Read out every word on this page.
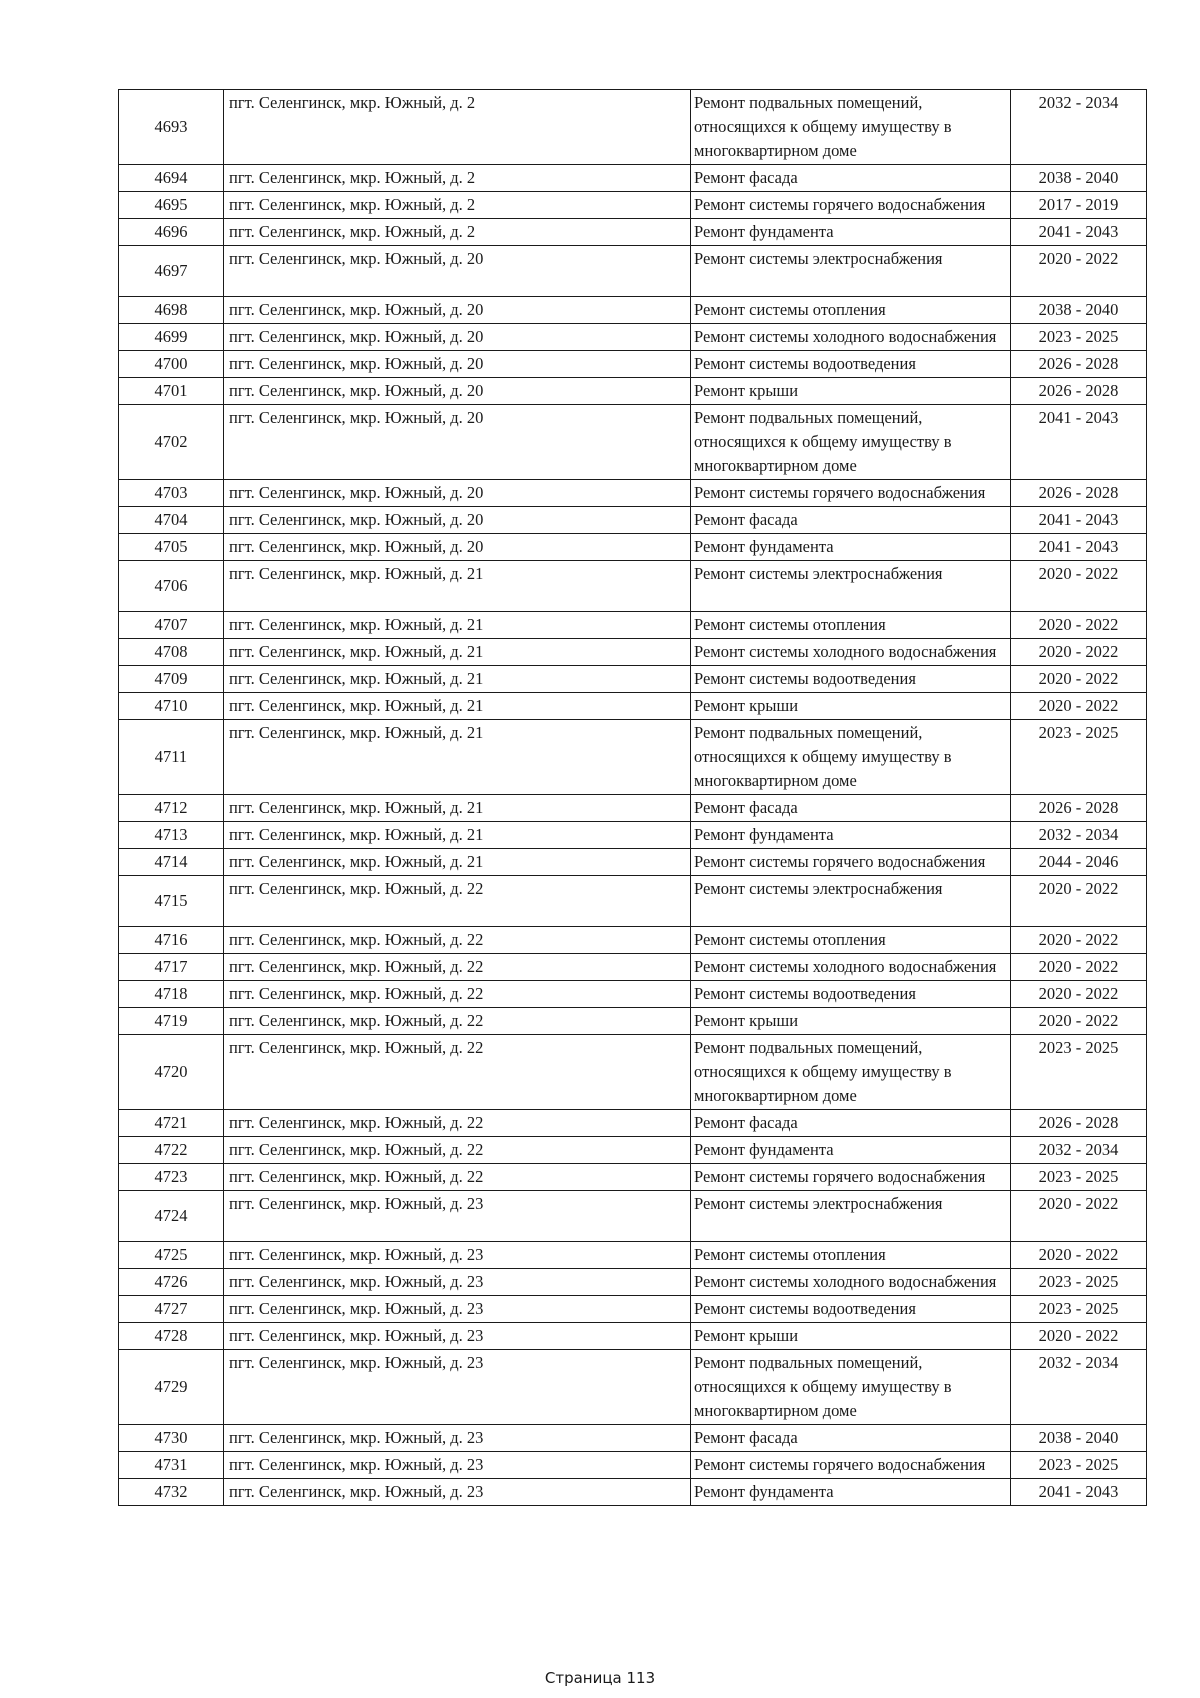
4693	пгт. Селенгинск, мкр. Южный, д. 2	Ремонт подвальных помещений, относящихся к общему имуществу в многоквартирном доме	2032 - 2034
4694	пгт. Селенгинск, мкр. Южный, д. 2	Ремонт фасада	2038 - 2040
4695	пгт. Селенгинск, мкр. Южный, д. 2	Ремонт системы горячего водоснабжения	2017 - 2019
4696	пгт. Селенгинск, мкр. Южный, д. 2	Ремонт фундамента	2041 - 2043
4697	пгт. Селенгинск, мкр. Южный, д. 20	Ремонт системы электроснабжения	2020 - 2022
4698	пгт. Селенгинск, мкр. Южный, д. 20	Ремонт системы отопления	2038 - 2040
4699	пгт. Селенгинск, мкр. Южный, д. 20	Ремонт системы холодного водоснабжения	2023 - 2025
4700	пгт. Селенгинск, мкр. Южный, д. 20	Ремонт системы водоотведения	2026 - 2028
4701	пгт. Селенгинск, мкр. Южный, д. 20	Ремонт крыши	2026 - 2028
4702	пгт. Селенгинск, мкр. Южный, д. 20	Ремонт подвальных помещений, относящихся к общему имуществу в многоквартирном доме	2041 - 2043
4703	пгт. Селенгинск, мкр. Южный, д. 20	Ремонт системы горячего водоснабжения	2026 - 2028
4704	пгт. Селенгинск, мкр. Южный, д. 20	Ремонт фасада	2041 - 2043
4705	пгт. Селенгинск, мкр. Южный, д. 20	Ремонт фундамента	2041 - 2043
4706	пгт. Селенгинск, мкр. Южный, д. 21	Ремонт системы электроснабжения	2020 - 2022
4707	пгт. Селенгинск, мкр. Южный, д. 21	Ремонт системы отопления	2020 - 2022
4708	пгт. Селенгинск, мкр. Южный, д. 21	Ремонт системы холодного водоснабжения	2020 - 2022
4709	пгт. Селенгинск, мкр. Южный, д. 21	Ремонт системы водоотведения	2020 - 2022
4710	пгт. Селенгинск, мкр. Южный, д. 21	Ремонт крыши	2020 - 2022
4711	пгт. Селенгинск, мкр. Южный, д. 21	Ремонт подвальных помещений, относящихся к общему имуществу в многоквартирном доме	2023 - 2025
4712	пгт. Селенгинск, мкр. Южный, д. 21	Ремонт фасада	2026 - 2028
4713	пгт. Селенгинск, мкр. Южный, д. 21	Ремонт фундамента	2032 - 2034
4714	пгт. Селенгинск, мкр. Южный, д. 21	Ремонт системы горячего водоснабжения	2044 - 2046
4715	пгт. Селенгинск, мкр. Южный, д. 22	Ремонт системы электроснабжения	2020 - 2022
4716	пгт. Селенгинск, мкр. Южный, д. 22	Ремонт системы отопления	2020 - 2022
4717	пгт. Селенгинск, мкр. Южный, д. 22	Ремонт системы холодного водоснабжения	2020 - 2022
4718	пгт. Селенгинск, мкр. Южный, д. 22	Ремонт системы водоотведения	2020 - 2022
4719	пгт. Селенгинск, мкр. Южный, д. 22	Ремонт крыши	2020 - 2022
4720	пгт. Селенгинск, мкр. Южный, д. 22	Ремонт подвальных помещений, относящихся к общему имуществу в многоквартирном доме	2023 - 2025
4721	пгт. Селенгинск, мкр. Южный, д. 22	Ремонт фасада	2026 - 2028
4722	пгт. Селенгинск, мкр. Южный, д. 22	Ремонт фундамента	2032 - 2034
4723	пгт. Селенгинск, мкр. Южный, д. 22	Ремонт системы горячего водоснабжения	2023 - 2025
4724	пгт. Селенгинск, мкр. Южный, д. 23	Ремонт системы электроснабжения	2020 - 2022
4725	пгт. Селенгинск, мкр. Южный, д. 23	Ремонт системы отопления	2020 - 2022
4726	пгт. Селенгинск, мкр. Южный, д. 23	Ремонт системы холодного водоснабжения	2023 - 2025
4727	пгт. Селенгинск, мкр. Южный, д. 23	Ремонт системы водоотведения	2023 - 2025
4728	пгт. Селенгинск, мкр. Южный, д. 23	Ремонт крыши	2020 - 2022
4729	пгт. Селенгинск, мкр. Южный, д. 23	Ремонт подвальных помещений, относящихся к общему имуществу в многоквартирном доме	2032 - 2034
4730	пгт. Селенгинск, мкр. Южный, д. 23	Ремонт фасада	2038 - 2040
4731	пгт. Селенгинск, мкр. Южный, д. 23	Ремонт системы горячего водоснабжения	2023 - 2025
4732	пгт. Селенгинск, мкр. Южный, д. 23	Ремонт фундамента	2041 - 2043
Страница 113
